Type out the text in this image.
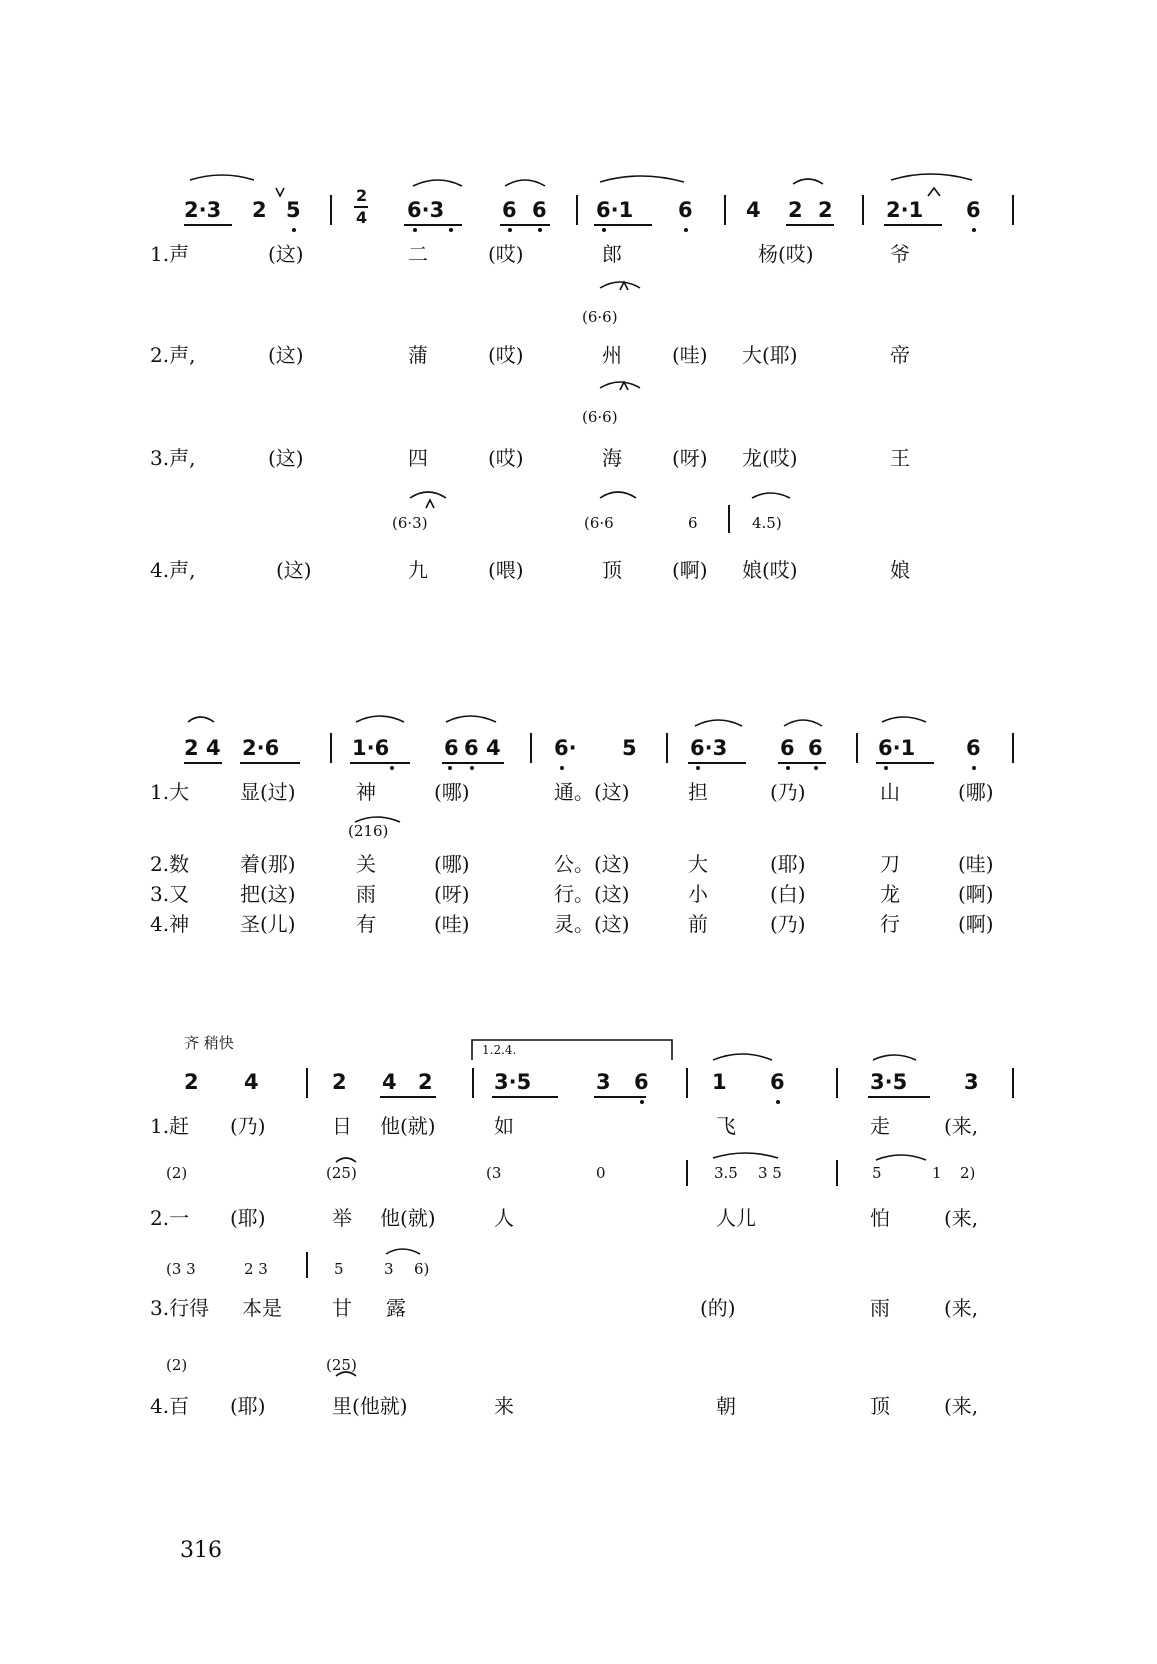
2·3 2 5
2
4 6·3	6 6 6·1 6	4 2 2	2·1 6
1.声	(这)	二	(哎)	郎	杨(哎)	爷
(6·6)
2.声,	(这)	蒲	(哎)	州	(哇) 大(耶)	帝
(6·6)
3.声,	(这)	四	(哎)	海	(呀) 龙(哎)	王
(6·3)	(6·6	6	4.5)
4.声,	(这)	九	(喂)	顶	(啊) 娘(哎)	娘
2 4 2·6	1·6	6 6 4	6· 5	6·3	6 6	6·1 6
1.大	显(过)	神	(哪)	通。(这)	担	(乃)	山	(哪)
(216)
2.数	着(那)	关	(哪)	公。(这)	大	(耶)	刀	(哇)
3.又	把(这)	雨	(呀)	行。(这)	小	(白)	龙	(啊)
4.神	圣(儿)	有	(哇)	灵。(这)	前	(乃)	行	(啊)
齐 稍快	1.2.4.
2 4	2 4 2	3·5	3 6	1 6	3·5	3
1.赶 (乃)	日 他(就)	如	飞	走	(来,
(2)	(25)	(3	0	3.5 3 5	5	1 2)
2.一 (耶)	举 他(就)	人	人儿	怕	(来,
(3 3	2 3	5	3 6)
3.行得 本是	甘 露	(的)	雨	(来,
(2)	(25)
4.百 (耶)	里(他就)	来	朝	顶	(来,
316
